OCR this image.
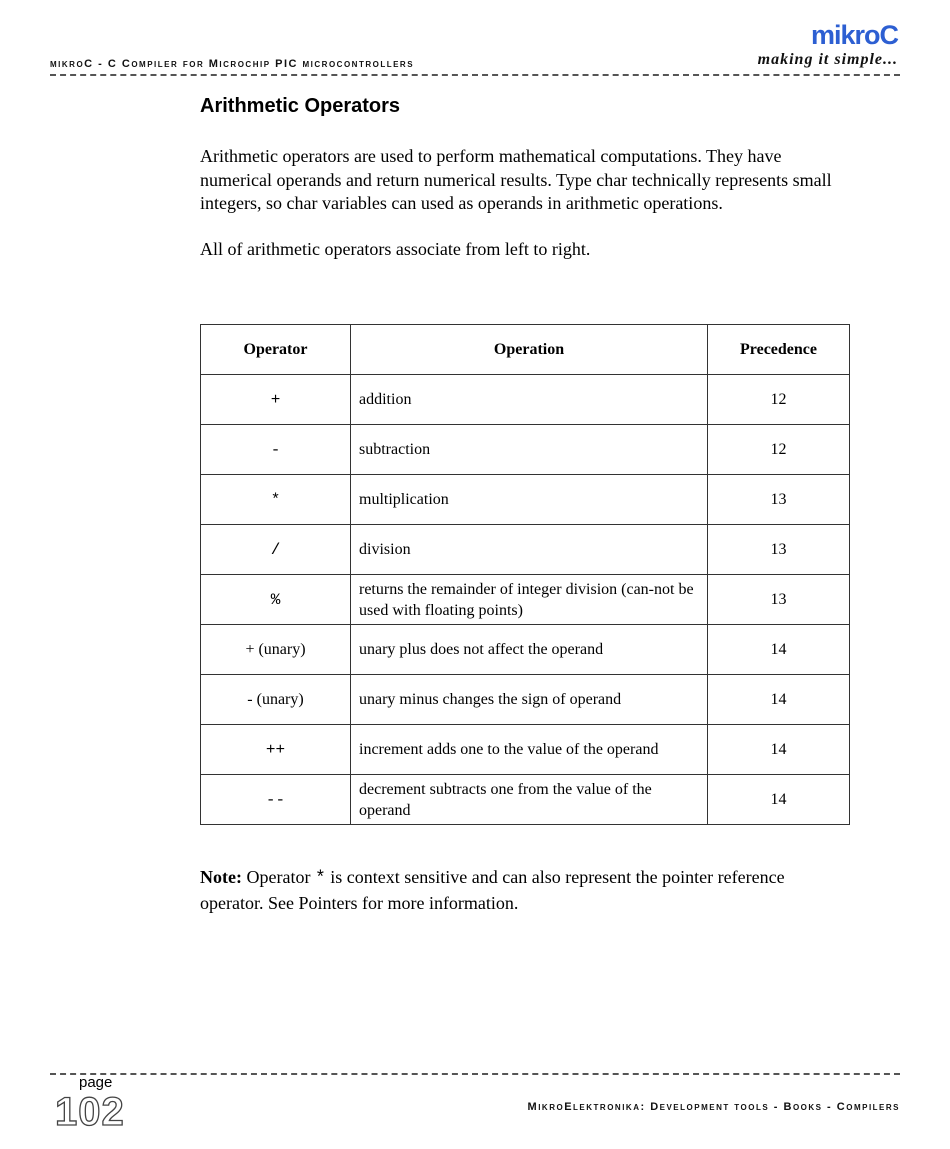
mikroC - C Compiler for Microchip PIC microcontrollers
mikroC
making it simple...
Arithmetic Operators

Arithmetic operators are used to perform mathematical computations. They have numerical operands and return numerical results. Type char technically represents small integers, so char variables can used as operands in arithmetic operations.

All of arithmetic operators associate from left to right.

Operator	Operation	Precedence
+	addition	12
-	subtraction	12
*	multiplication	13
/	division	13
%	returns the remainder of integer division (can-not be used with floating points)	13
+ (unary)	unary plus does not affect the operand	14
- (unary)	unary minus changes the sign of operand	14
++	increment adds one to the value of the operand	14
--	decrement subtracts one from the value of the operand	14

Note: Operator * is context sensitive and can also represent the pointer reference operator. See Pointers for more information.

page
102	MikroElektronika: Development tools - Books - Compilers
